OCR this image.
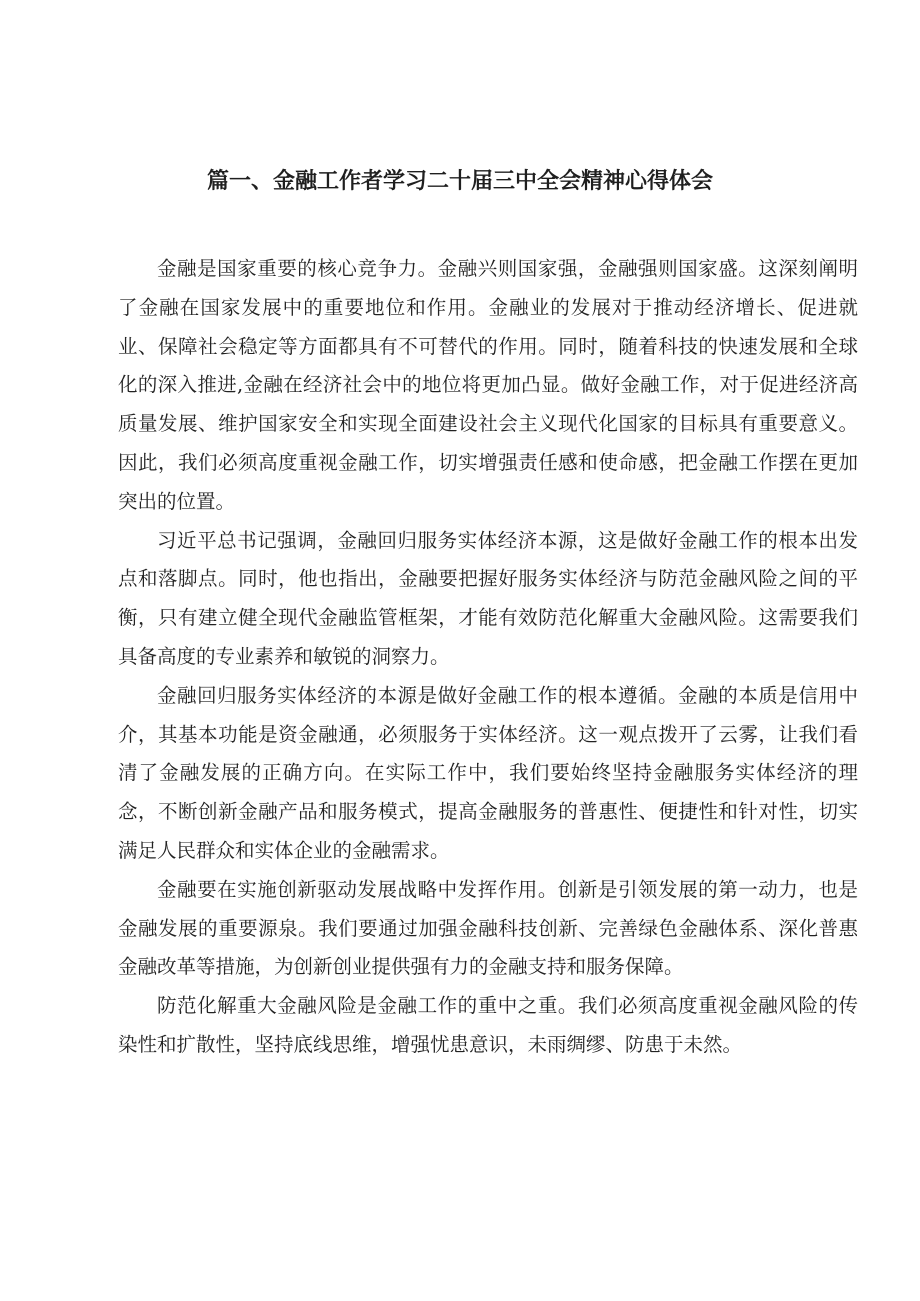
篇一、金融工作者学习二十届三中全会精神心得体会

金融是国家重要的核心竞争力。金融兴则国家强，金融强则国家盛。这深刻阐明了金融在国家发展中的重要地位和作用。金融业的发展对于推动经济增长、促进就业、保障社会稳定等方面都具有不可替代的作用。同时，随着科技的快速发展和全球化的深入推进,金融在经济社会中的地位将更加凸显。做好金融工作，对于促进经济高质量发展、维护国家安全和实现全面建设社会主义现代化国家的目标具有重要意义。因此，我们必须高度重视金融工作，切实增强责任感和使命感，把金融工作摆在更加突出的位置。

习近平总书记强调，金融回归服务实体经济本源，这是做好金融工作的根本出发点和落脚点。同时，他也指出，金融要把握好服务实体经济与防范金融风险之间的平衡，只有建立健全现代金融监管框架，才能有效防范化解重大金融风险。这需要我们具备高度的专业素养和敏锐的洞察力。

金融回归服务实体经济的本源是做好金融工作的根本遵循。金融的本质是信用中介，其基本功能是资金融通，必须服务于实体经济。这一观点拨开了云雾，让我们看清了金融发展的正确方向。在实际工作中，我们要始终坚持金融服务实体经济的理念，不断创新金融产品和服务模式，提高金融服务的普惠性、便捷性和针对性，切实满足人民群众和实体企业的金融需求。

金融要在实施创新驱动发展战略中发挥作用。创新是引领发展的第一动力，也是金融发展的重要源泉。我们要通过加强金融科技创新、完善绿色金融体系、深化普惠金融改革等措施，为创新创业提供强有力的金融支持和服务保障。

防范化解重大金融风险是金融工作的重中之重。我们必须高度重视金融风险的传染性和扩散性，坚持底线思维，增强忧患意识，未雨绸缪、防患于未然。
